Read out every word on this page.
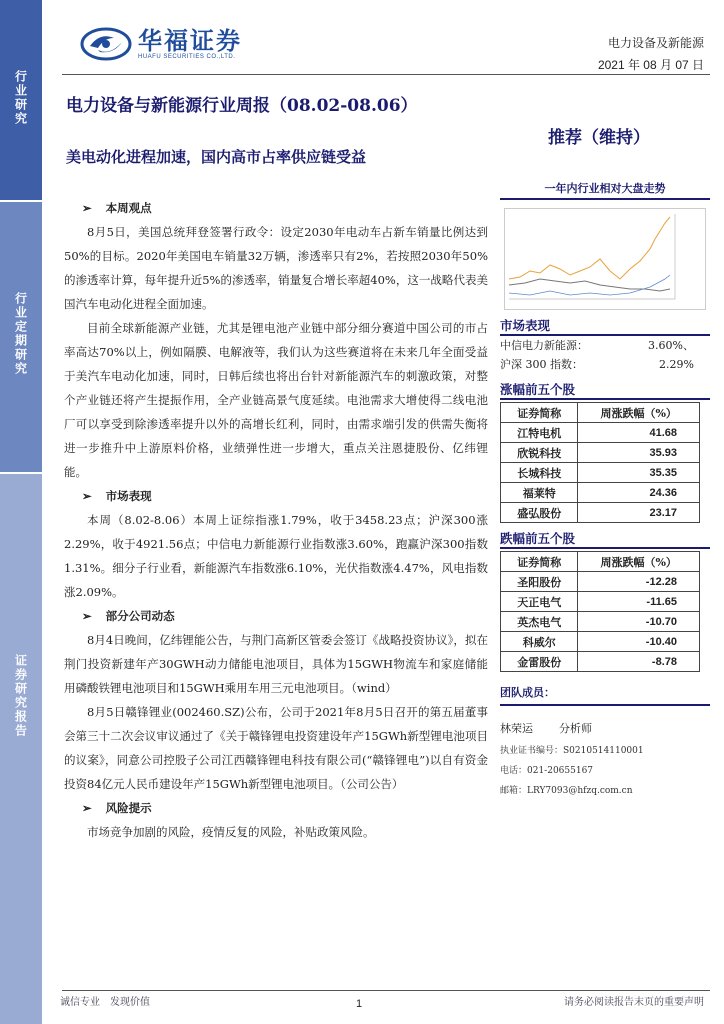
行业研究
行业定期研究
证券研究报告
华福证券
HUAFU SECURITIES CO.,LTD.
电力设备及新能源
2021 年 08 月 07 日
电力设备与新能源行业周报（08.02-08.06）
推荐（维持）
美电动化进程加速，国内高市占率供应链受益
➢ 本周观点

8月5日，美国总统拜登签署行政令：设定2030年电动车占新车销量比例达到50%的目标。2020年美国电车销量32万辆，渗透率只有2%，若按照2030年50%的渗透率计算，每年提升近5%的渗透率，销量复合增长率超40%，这一战略代表美国汽车电动化进程全面加速。

目前全球新能源产业链，尤其是锂电池产业链中部分细分赛道中国公司的市占率高达70%以上，例如隔膜、电解液等，我们认为这些赛道将在未来几年全面受益于美汽车电动化加速，同时，日韩后续也将出台针对新能源汽车的刺激政策，对整个产业链还将产生提振作用，全产业链高景气度延续。电池需求大增使得二线电池厂可以享受到除渗透率提升以外的高增长红利，同时，由需求端引发的供需失衡将进一步推升中上游原料价格，业绩弹性进一步增大，重点关注恩捷股份、亿纬锂能。

➢ 市场表现

本周（8.02-8.06）本周上证综指涨1.79%，收于3458.23点；沪深300涨2.29%，收于4921.56点；中信电力新能源行业指数涨3.60%，跑赢沪深300指数1.31%。细分子行业看，新能源汽车指数涨6.10%，光伏指数涨4.47%，风电指数涨2.09%。

➢ 部分公司动态

8月4日晚间，亿纬锂能公告，与荆门高新区管委会签订《战略投资协议》，拟在荆门投资新建年产30GWH动力储能电池项目，具体为15GWH物流车和家庭储能用磷酸铁锂电池项目和15GWH乘用车用三元电池项目。（wind）

8月5日赣锋锂业(002460.SZ)公布，公司于2021年8月5日召开的第五届董事会第三十二次会议审议通过了《关于赣锋锂电投资建设年产15GWh新型锂电池项目的议案》，同意公司控股子公司江西赣锋锂电科技有限公司(“赣锋锂电”)以自有资金投资84亿元人民币建设年产15GWh新型锂电池项目。（公司公告）

➢ 风险提示

市场竞争加剧的风险，疫情反复的风险，补贴政策风险。

一年内行业相对大盘走势
市场表现
中信电力新能源：	3.60%、
沪深 300 指数：	2.29%
涨幅前五个股
证券简称	周涨跌幅（%）
江特电机	41.68
欣锐科技	35.93
长城科技	35.35
福莱特	24.36
盛弘股份	23.17
跌幅前五个股
证券简称	周涨跌幅（%）
圣阳股份	-12.28
天正电气	-11.65
英杰电气	-10.70
科威尔	-10.40
金雷股份	-8.78
团队成员：
林荣运 分析师
执业证书编号：S0210514110001
电话：021-20655167
邮箱：LRY7093@hfzq.com.cn
诚信专业　发现价值	1	请务必阅读报告末页的重要声明
